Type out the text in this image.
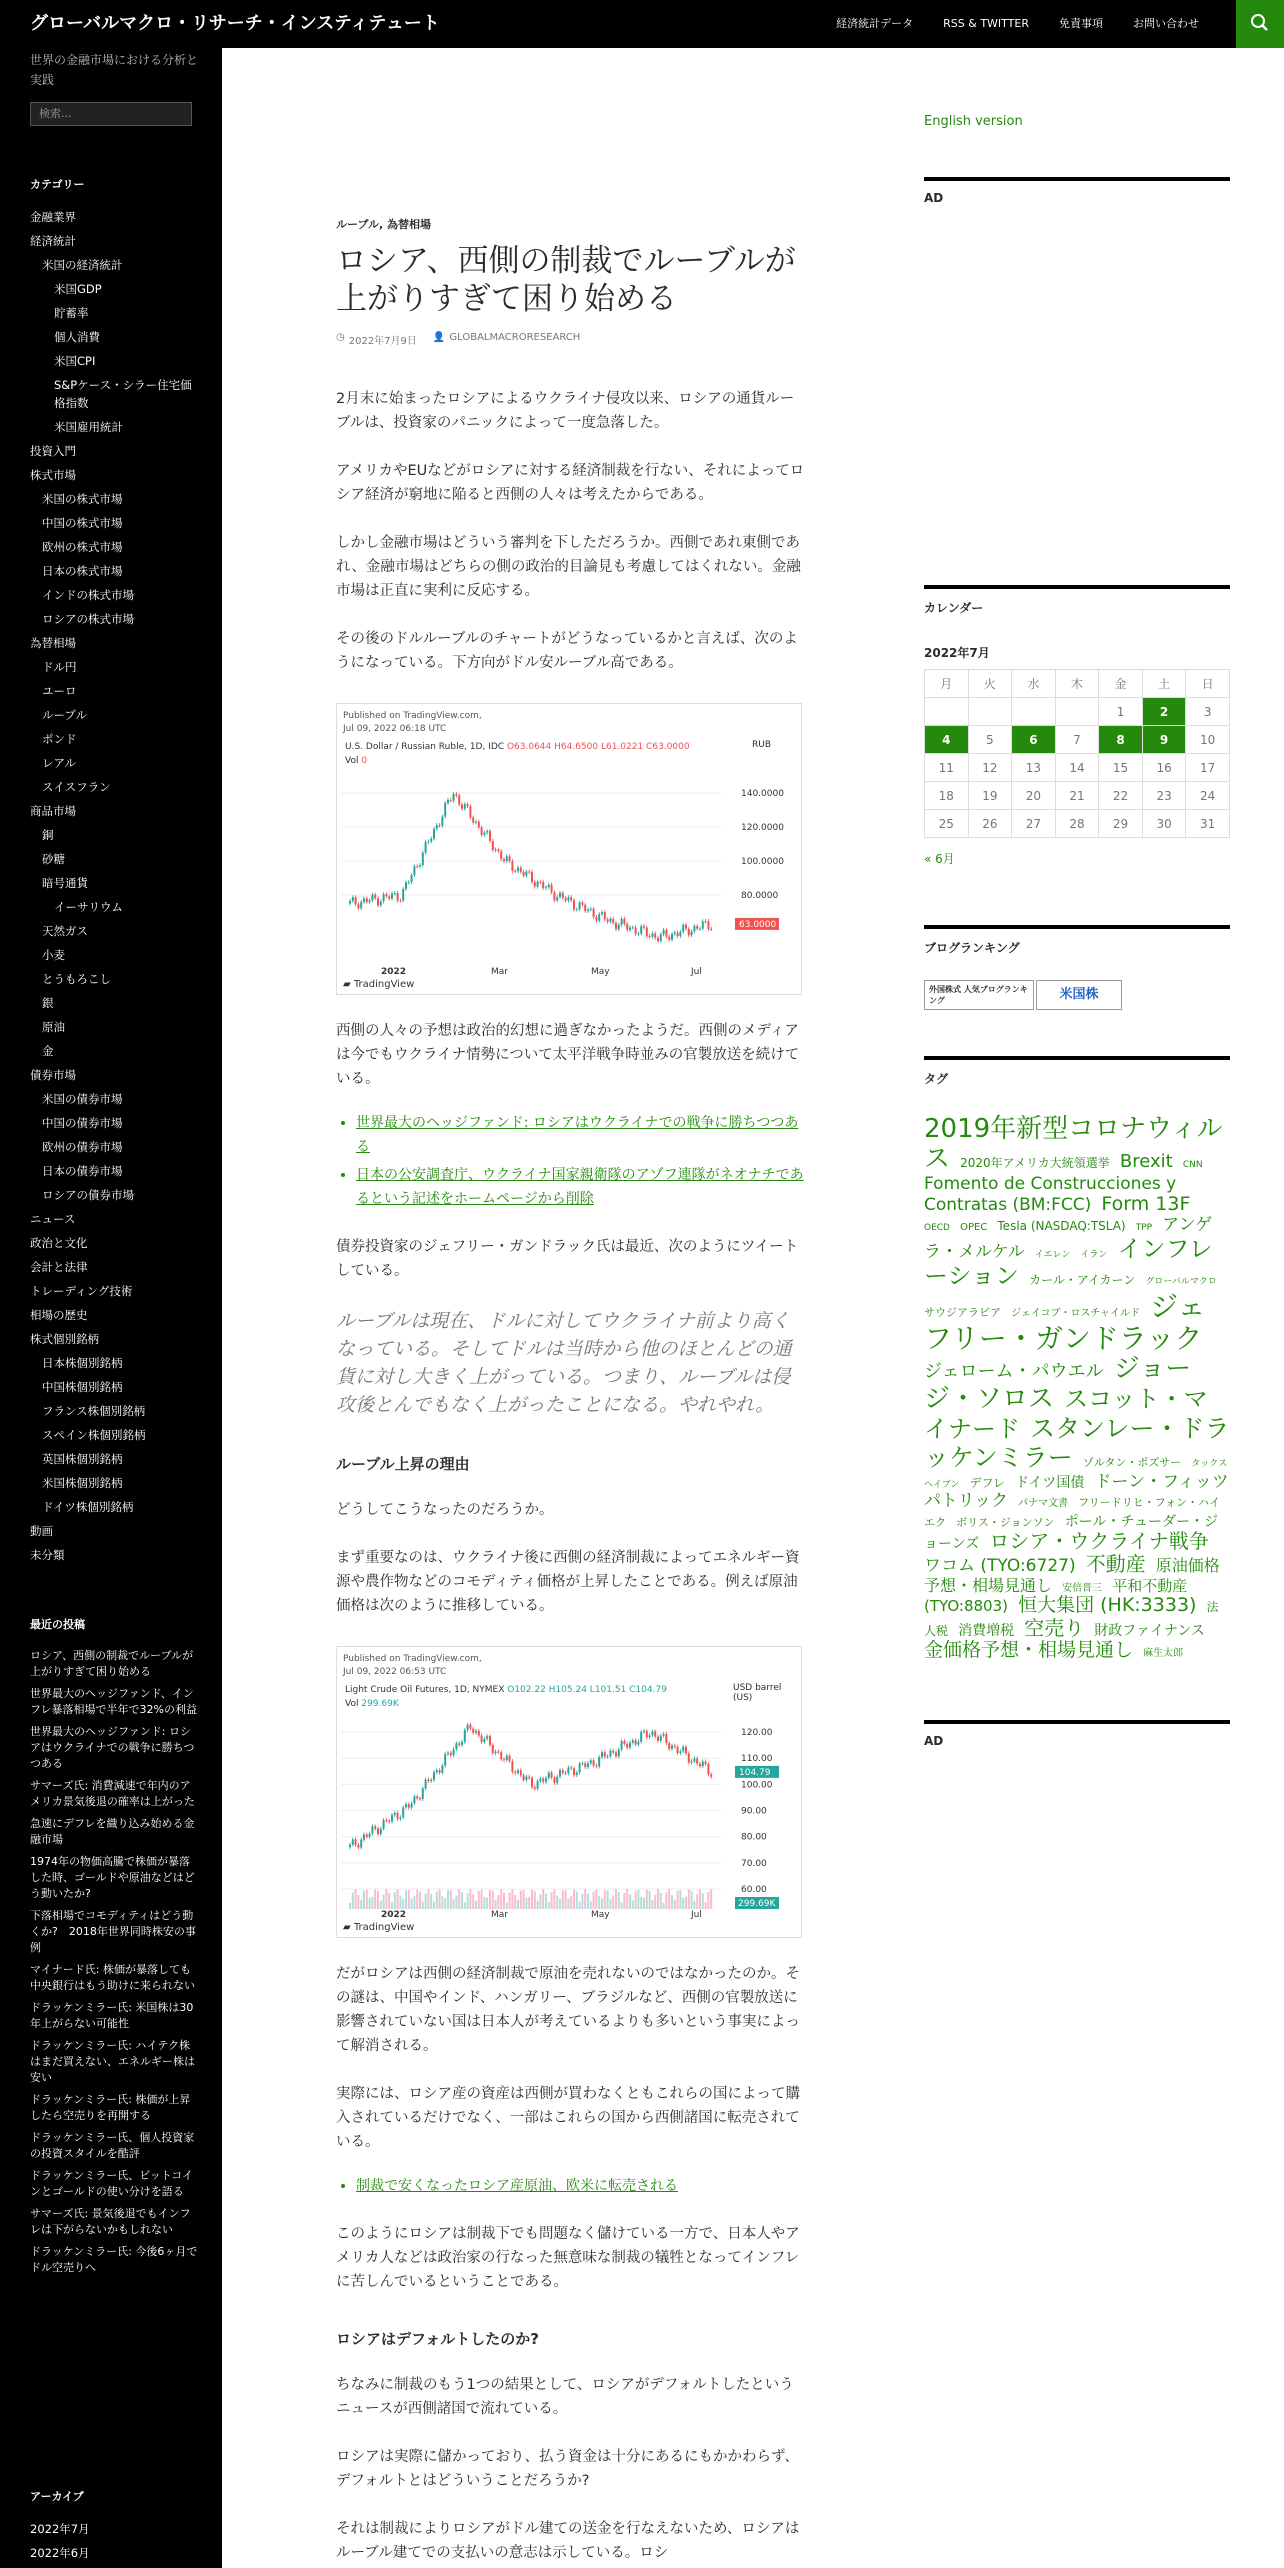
グローバルマクロ・リサーチ・インスティテュート	経済統計データ	RSS & TWITTER	免責事項	お問い合わせ
世界の金融市場における分析と実践
検索...
カテゴリー
金融業界
経済統計
米国の経済統計
米国GDP
貯蓄率
個人消費
米国CPI
S&Pケース・シラー住宅価格指数
米国雇用統計
投資入門
株式市場
米国の株式市場
中国の株式市場
欧州の株式市場
日本の株式市場
インドの株式市場
ロシアの株式市場
為替相場
ドル円
ユーロ
ルーブル
ポンド
レアル
スイスフラン
商品市場
銅
砂糖
暗号通貨
イーサリウム
天然ガス
小麦
とうもろこし
銀
原油
金
債券市場
米国の債券市場
中国の債券市場
欧州の債券市場
日本の債券市場
ロシアの債券市場
ニュース
政治と文化
会計と法律
トレーディング技術
相場の歴史
株式個別銘柄
日本株個別銘柄
中国株個別銘柄
フランス株個別銘柄
スペイン株個別銘柄
英国株個別銘柄
米国株個別銘柄
ドイツ株個別銘柄
動画
未分類
最近の投稿
ロシア、西側の制裁でルーブルが上がりすぎて困り始める
世界最大のヘッジファンド、インフレ暴落相場で半年で32%の利益
世界最大のヘッジファンド: ロシアはウクライナでの戦争に勝ちつつある
サマーズ氏: 消費減速で年内のアメリカ景気後退の確率は上がった
急速にデフレを織り込み始める金融市場
1974年の物価高騰で株価が暴落した時、ゴールドや原油などはどう動いたか?
下落相場でコモディティはどう動くか?　2018年世界同時株安の事例
マイナード氏: 株価が暴落しても中央銀行はもう助けに来られない
ドラッケンミラー氏: 米国株は30年上がらない可能性
ドラッケンミラー氏: ハイテク株はまだ買えない、エネルギー株は安い
ドラッケンミラー氏: 株価が上昇したら空売りを再開する
ドラッケンミラー氏、個人投資家の投資スタイルを酷評
ドラッケンミラー氏、ビットコインとゴールドの使い分けを語る
サマーズ氏: 景気後退でもインフレは下がらないかもしれない
ドラッケンミラー氏: 今後6ヶ月でドル空売りへ
アーカイブ
2022年7月
2022年6月
ルーブル, 為替相場
ロシア、西側の制裁でルーブルが上がりすぎて困り始める
◷ 2022年7月9日 👤 GLOBALMACRORESEARCH
2月末に始まったロシアによるウクライナ侵攻以来、ロシアの通貨ルーブルは、投資家のパニックによって一度急落した。
アメリカやEUなどがロシアに対する経済制裁を行ない、それによってロシア経済が窮地に陥ると西側の人々は考えたからである。
しかし金融市場はどういう審判を下しただろうか。西側であれ東側であれ、金融市場はどちらの側の政治的目論見も考慮してはくれない。金融市場は正直に実利に反応する。
その後のドルルーブルのチャートがどうなっているかと言えば、次のようになっている。下方向がドル安ルーブル高である。
Published on TradingView.com,
Jul 09, 2022 06:18 UTC
U.S. Dollar / Russian Ruble, 1D, IDC O63.0644 H64.6500 L61.0221 C63.0000
Vol 0
RUB
140.0000
120.0000
100.0000
80.0000
63.0000
2022	Mar	May	Jul
▰ TradingView
西側の人々の予想は政治的幻想に過ぎなかったようだ。西側のメディアは今でもウクライナ情勢について太平洋戦争時並みの官製放送を続けている。
• 世界最大のヘッジファンド: ロシアはウクライナでの戦争に勝ちつつある
• 日本の公安調査庁、ウクライナ国家親衛隊のアゾフ連隊がネオナチであるという記述をホームページから削除
債券投資家のジェフリー・ガンドラック氏は最近、次のようにツイートしている。
ルーブルは現在、ドルに対してウクライナ前より高くなっている。そしてドルは当時から他のほとんどの通貨に対し大きく上がっている。つまり、ルーブルは侵攻後とんでもなく上がったことになる。やれやれ。
ルーブル上昇の理由
どうしてこうなったのだろうか。
まず重要なのは、ウクライナ後に西側の経済制裁によってエネルギー資源や農作物などのコモディティ価格が上昇したことである。例えば原油価格は次のように推移している。
Published on TradingView.com,
Jul 09, 2022 06:53 UTC
Light Crude Oil Futures, 1D, NYMEX O102.22 H105.24 L101.51 C104.79
Vol 299.69K
USD barrel (US)
120.00
110.00
100.00
90.00
80.00
70.00
60.00
104.79
299.69K
2022	Mar	May	Jul
▰ TradingView
だがロシアは西側の経済制裁で原油を売れないのではなかったのか。その謎は、中国やインド、ハンガリー、ブラジルなど、西側の官製放送に影響されていない国は日本人が考えているよりも多いという事実によって解消される。
実際には、ロシア産の資産は西側が買わなくともこれらの国によって購入されているだけでなく、一部はこれらの国から西側諸国に転売されている。
• 制裁で安くなったロシア産原油、欧米に転売される
このようにロシアは制裁下でも問題なく儲けている一方で、日本人やアメリカ人などは政治家の行なった無意味な制裁の犠牲となってインフレに苦しんでいるということである。
ロシアはデフォルトしたのか?
ちなみに制裁のもう1つの結果として、ロシアがデフォルトしたというニュースが西側諸国で流れている。
ロシアは実際に儲かっており、払う資金は十分にあるにもかかわらず、デフォルトとはどういうことだろうか?
それは制裁によりロシアがドル建ての送金を行なえないため、ロシアはルーブル建てでの支払いの意志は示している。ロシ
English version
AD
カレンダー
2022年7月
月	火	水	木	金	土	日
				1	2	3
4	5	6	7	8	9	10
11	12	13	14	15	16	17
18	19	20	21	22	23	24
25	26	27	28	29	30	31
« 6月
ブログランキング
外国株式 人気ブログランキング	米国株
タグ
2019年新型コロナウィルス 2020年アメリカ大統領選挙 Brexit CNN Fomento de Construcciones y Contratas (BM:FCC) Form 13F OECD OPEC Tesla (NASDAQ:TSLA) TPP アンゲラ・メルケル イエレン イラン インフレーション カール・アイカーン グローバルマクロ サウジアラビア ジェイコブ・ロスチャイルド ジェフリー・ガンドラック ジェローム・パウエル ジョージ・ソロス スコット・マイナード スタンレー・ドラッケンミラー ゾルタン・ポズサー タックスヘイブン デフレ ドイツ国債 ドーン・フィッツパトリック パナマ文書 フリードリヒ・フォン・ハイエク ボリス・ジョンソン ポール・チューダー・ジョーンズ ロシア・ウクライナ戦争 ワコム (TYO:6727) 不動産 原油価格予想・相場見通し 安倍晋三 平和不動産 (TYO:8803) 恒大集団 (HK:3333) 法人税 消費増税 空売り 財政ファイナンス 金価格予想・相場見通し 麻生太郎
AD
